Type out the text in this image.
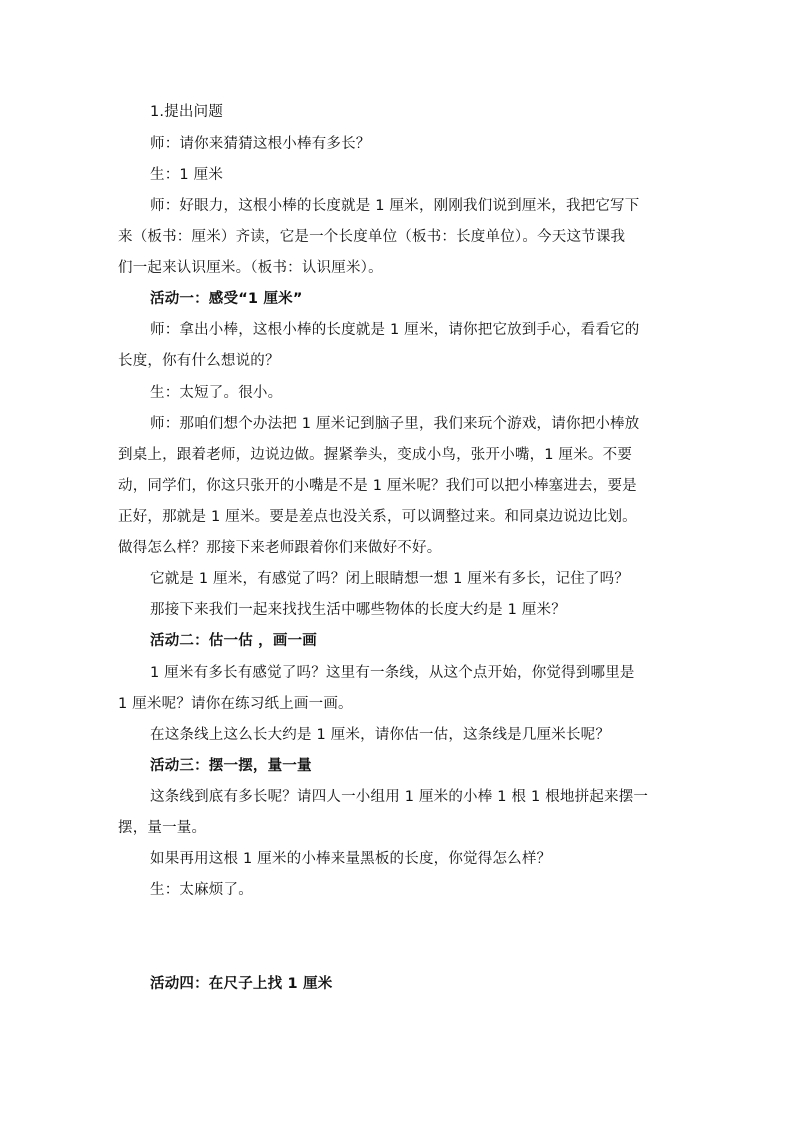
1.提出问题
师：请你来猜猜这根小棒有多长？
生：1 厘米
师：好眼力，这根小棒的长度就是 1 厘米，刚刚我们说到厘米，我把它写下
来（板书：厘米）齐读，它是一个长度单位（板书：长度单位）。今天这节课我
们一起来认识厘米。（板书：认识厘米）。
活动一：感受“1 厘米”
师：拿出小棒，这根小棒的长度就是 1 厘米，请你把它放到手心，看看它的
长度，你有什么想说的？
生：太短了。很小。
师：那咱们想个办法把 1 厘米记到脑子里，我们来玩个游戏，请你把小棒放
到桌上，跟着老师，边说边做。握紧拳头，变成小鸟，张开小嘴，1 厘米。不要
动，同学们，你这只张开的小嘴是不是 1 厘米呢？我们可以把小棒塞进去，要是
正好，那就是 1 厘米。要是差点也没关系，可以调整过来。和同桌边说边比划。
做得怎么样？那接下来老师跟着你们来做好不好。
它就是 1 厘米，有感觉了吗？闭上眼睛想一想 1 厘米有多长，记住了吗？
那接下来我们一起来找找生活中哪些物体的长度大约是 1 厘米？
活动二：估一估 ，画一画
1 厘米有多长有感觉了吗？这里有一条线，从这个点开始，你觉得到哪里是
1 厘米呢？请你在练习纸上画一画。
在这条线上这么长大约是 1 厘米，请你估一估，这条线是几厘米长呢？
活动三：摆一摆，量一量
这条线到底有多长呢？请四人一小组用 1 厘米的小棒 1 根 1 根地拼起来摆一
摆，量一量。
如果再用这根 1 厘米的小棒来量黑板的长度，你觉得怎么样？
生：太麻烦了。
活动四：在尺子上找 1 厘米
